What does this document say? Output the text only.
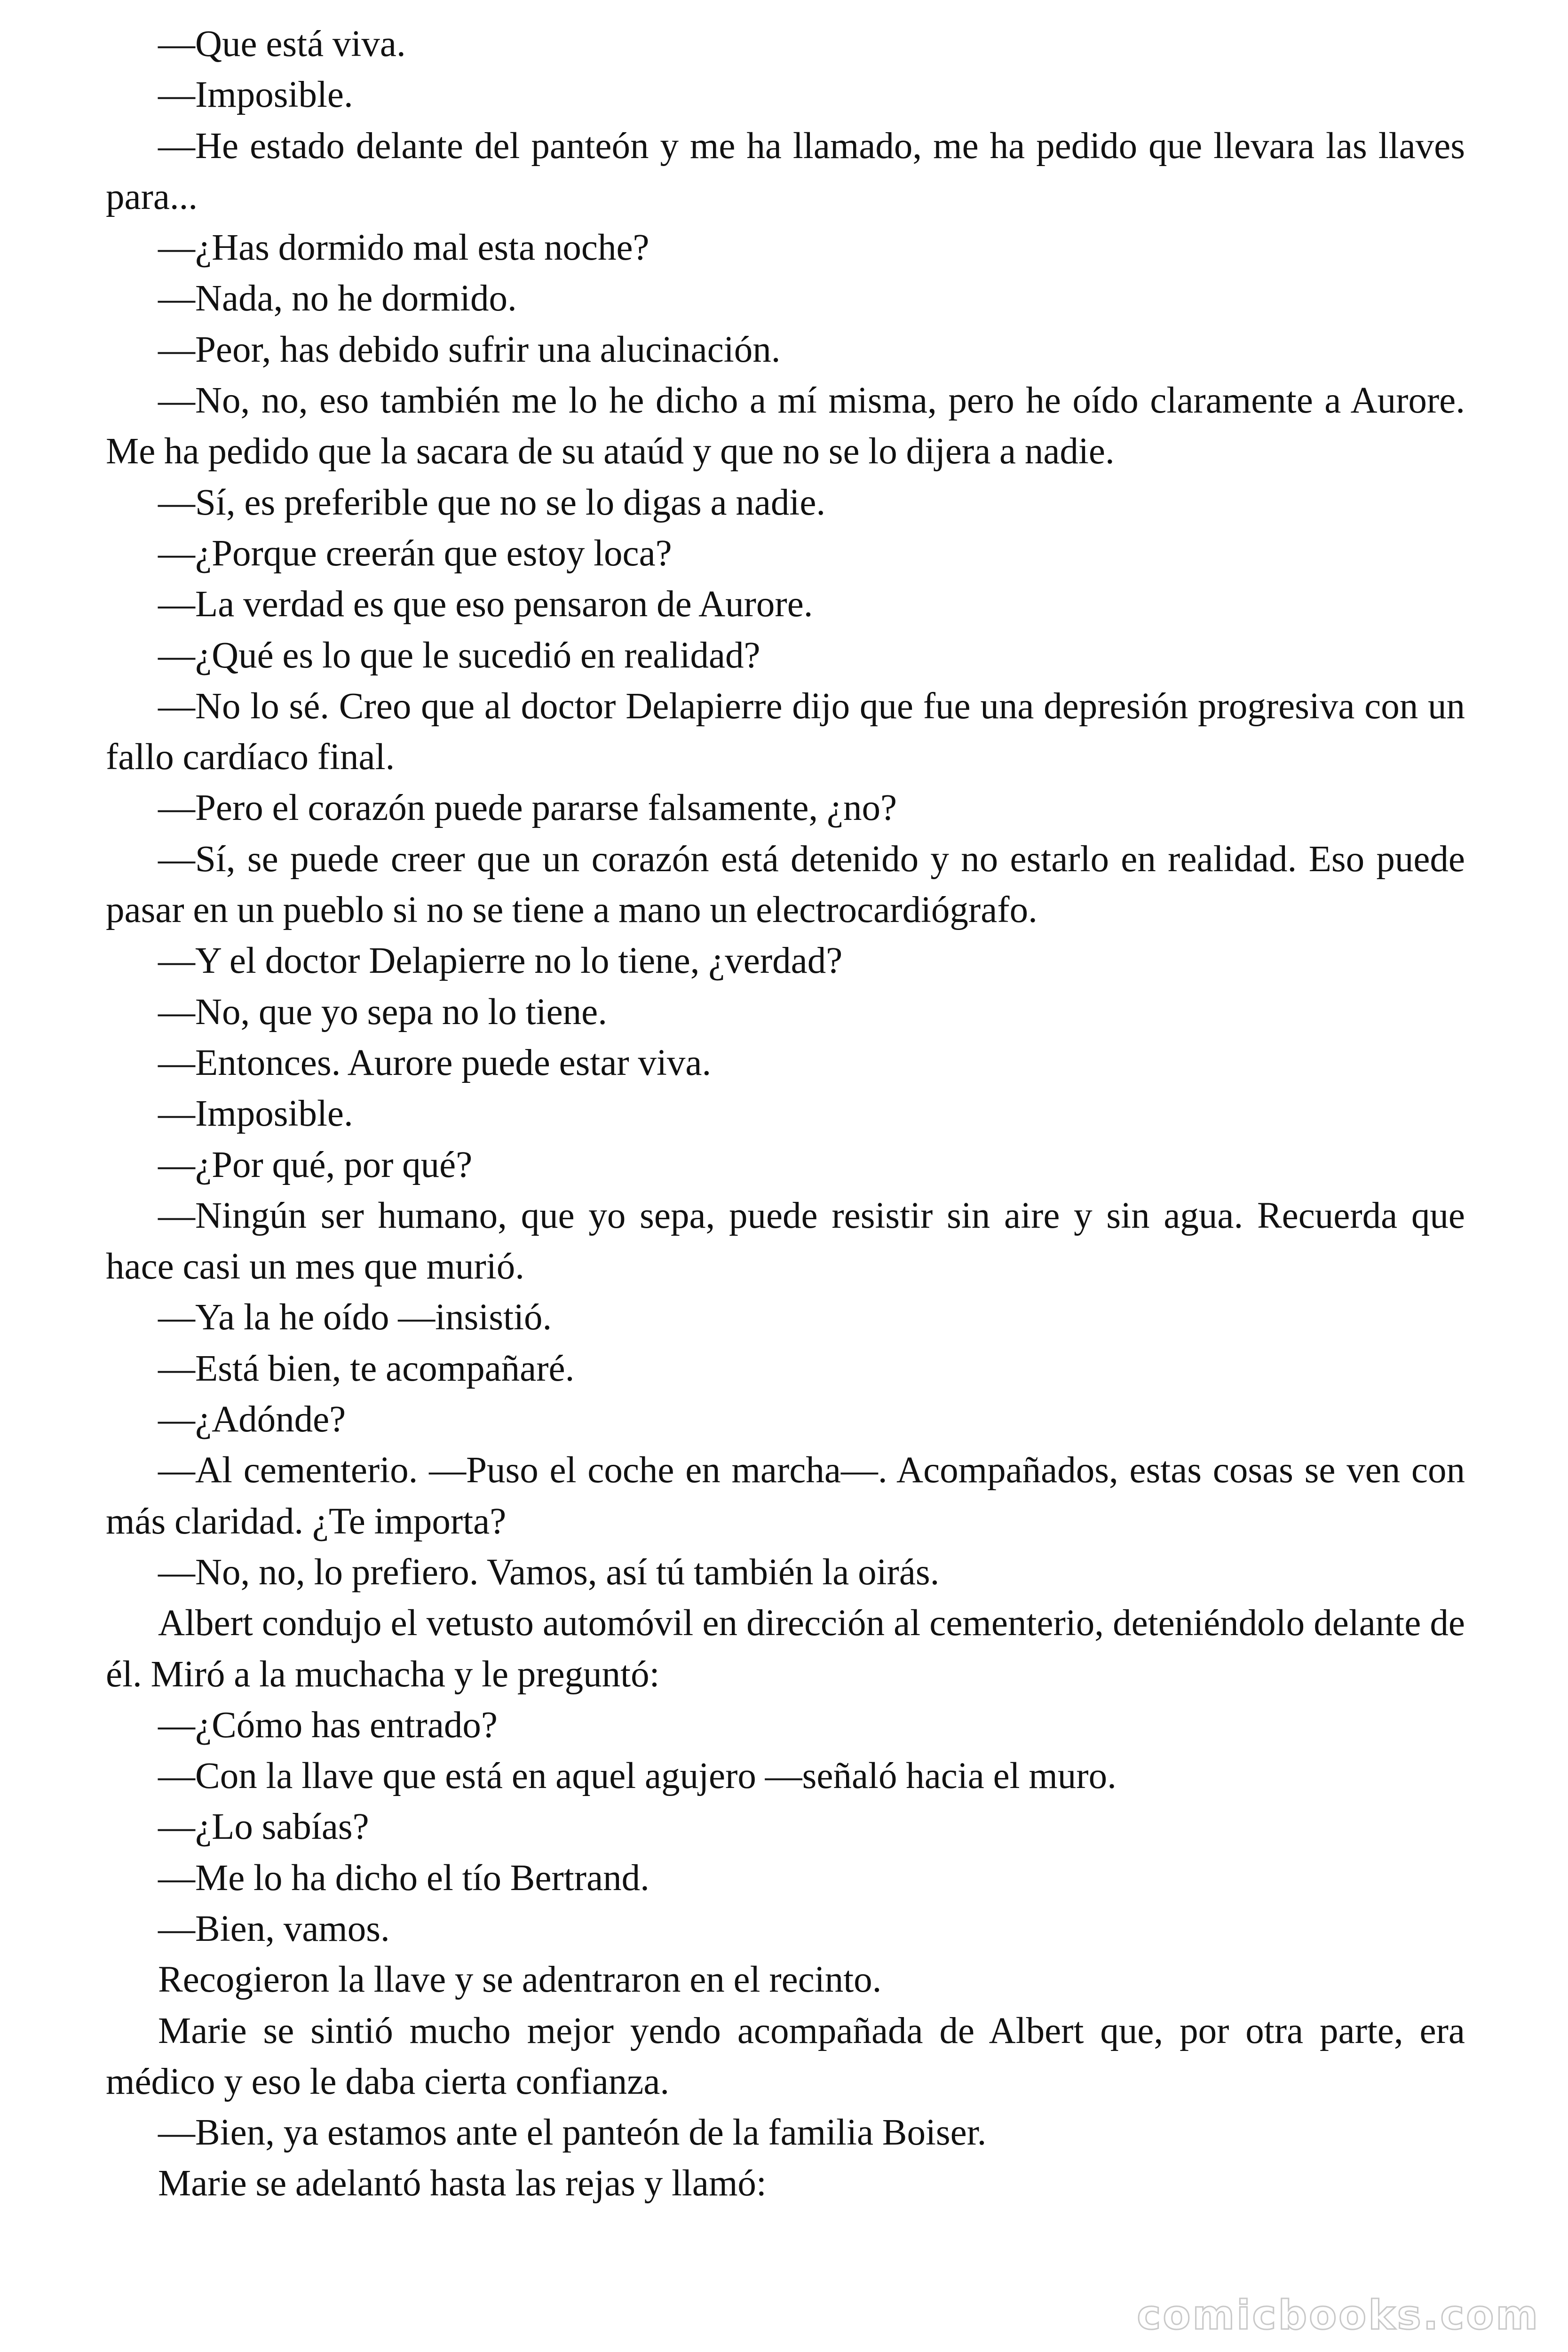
—Que está viva.

—Imposible.

—He estado delante del panteón y me ha llamado, me ha pedido que llevara las llaves para...

—¿Has dormido mal esta noche?

—Nada, no he dormido.

—Peor, has debido sufrir una alucinación.

—No, no, eso también me lo he dicho a mí misma, pero he oído claramente a Aurore. Me ha pedido que la sacara de su ataúd y que no se lo dijera a nadie.

—Sí, es preferible que no se lo digas a nadie.

—¿Porque creerán que estoy loca?

—La verdad es que eso pensaron de Aurore.

—¿Qué es lo que le sucedió en realidad?

—No lo sé. Creo que al doctor Delapierre dijo que fue una depresión progresiva con un fallo cardíaco final.

—Pero el corazón puede pararse falsamente, ¿no?

—Sí, se puede creer que un corazón está detenido y no estarlo en realidad. Eso puede pasar en un pueblo si no se tiene a mano un electrocardiógrafo.

—Y el doctor Delapierre no lo tiene, ¿verdad?

—No, que yo sepa no lo tiene.

—Entonces. Aurore puede estar viva.

—Imposible.

—¿Por qué, por qué?

—Ningún ser humano, que yo sepa, puede resistir sin aire y sin agua. Recuerda que hace casi un mes que murió.

—Ya la he oído —insistió.

—Está bien, te acompañaré.

—¿Adónde?

—Al cementerio. —Puso el coche en marcha—. Acompañados, estas cosas se ven con más claridad. ¿Te importa?

—No, no, lo prefiero. Vamos, así tú también la oirás.

Albert condujo el vetusto automóvil en dirección al cementerio, deteniéndolo delante de él. Miró a la muchacha y le preguntó:

—¿Cómo has entrado?

—Con la llave que está en aquel agujero —señaló hacia el muro.

—¿Lo sabías?

—Me lo ha dicho el tío Bertrand.

—Bien, vamos.

Recogieron la llave y se adentraron en el recinto.

Marie se sintió mucho mejor yendo acompañada de Albert que, por otra parte, era médico y eso le daba cierta confianza.

—Bien, ya estamos ante el panteón de la familia Boiser.

Marie se adelantó hasta las rejas y llamó:

comicbooks.com
